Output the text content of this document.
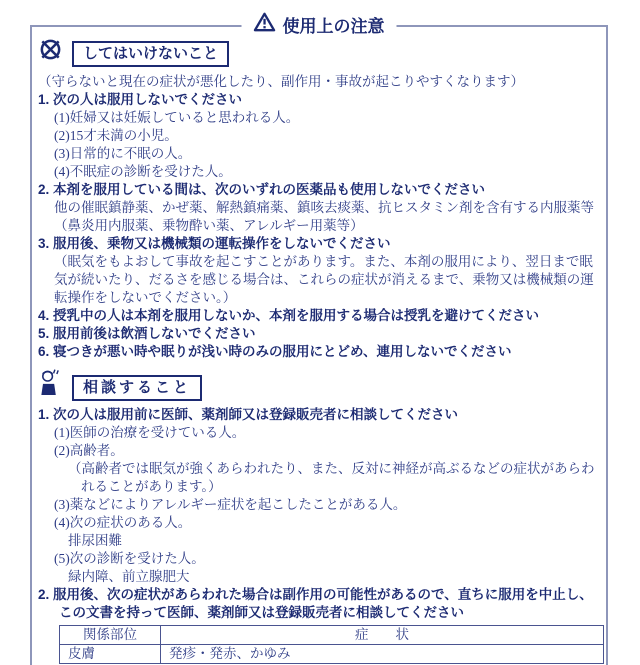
使用上の注意
してはいけないこと
（守らないと現在の症状が悪化したり、副作用・事故が起こりやすくなります）
1. 次の人は服用しないでください
(1)妊婦又は妊娠していると思われる人。
(2)15才未満の小児。
(3)日常的に不眠の人。
(4)不眠症の診断を受けた人。
2. 本剤を服用している間は、次のいずれの医薬品も使用しないでください
他の催眠鎮静薬、かぜ薬、解熱鎮痛薬、鎮咳去痰薬、抗ヒスタミン剤を含有する内服薬等（鼻炎用内服薬、乗物酔い薬、アレルギー用薬等）
3. 服用後、乗物又は機械類の運転操作をしないでください
（眠気をもよおして事故を起こすことがあります。また、本剤の服用により、翌日まで眠気が続いたり、だるさを感じる場合は、これらの症状が消えるまで、乗物又は機械類の運転操作をしないでください。）
4. 授乳中の人は本剤を服用しないか、本剤を服用する場合は授乳を避けてください
5. 服用前後は飲酒しないでください
6. 寝つきが悪い時や眠りが浅い時のみの服用にとどめ、連用しないでください
相談すること
1. 次の人は服用前に医師、薬剤師又は登録販売者に相談してください
(1)医師の治療を受けている人。
(2)高齢者。
（高齢者では眠気が強くあらわれたり、また、反対に神経が高ぶるなどの症状があらわれることがあります。）
(3)薬などによりアレルギー症状を起こしたことがある人。
(4)次の症状のある人。
排尿困難
(5)次の診断を受けた人。
緑内障、前立腺肥大
2. 服用後、次の症状があらわれた場合は副作用の可能性があるので、直ちに服用を中止し、この文書を持って医師、薬剤師又は登録販売者に相談してください
関係部位	症　　状
皮膚	発疹・発赤、かゆみ
